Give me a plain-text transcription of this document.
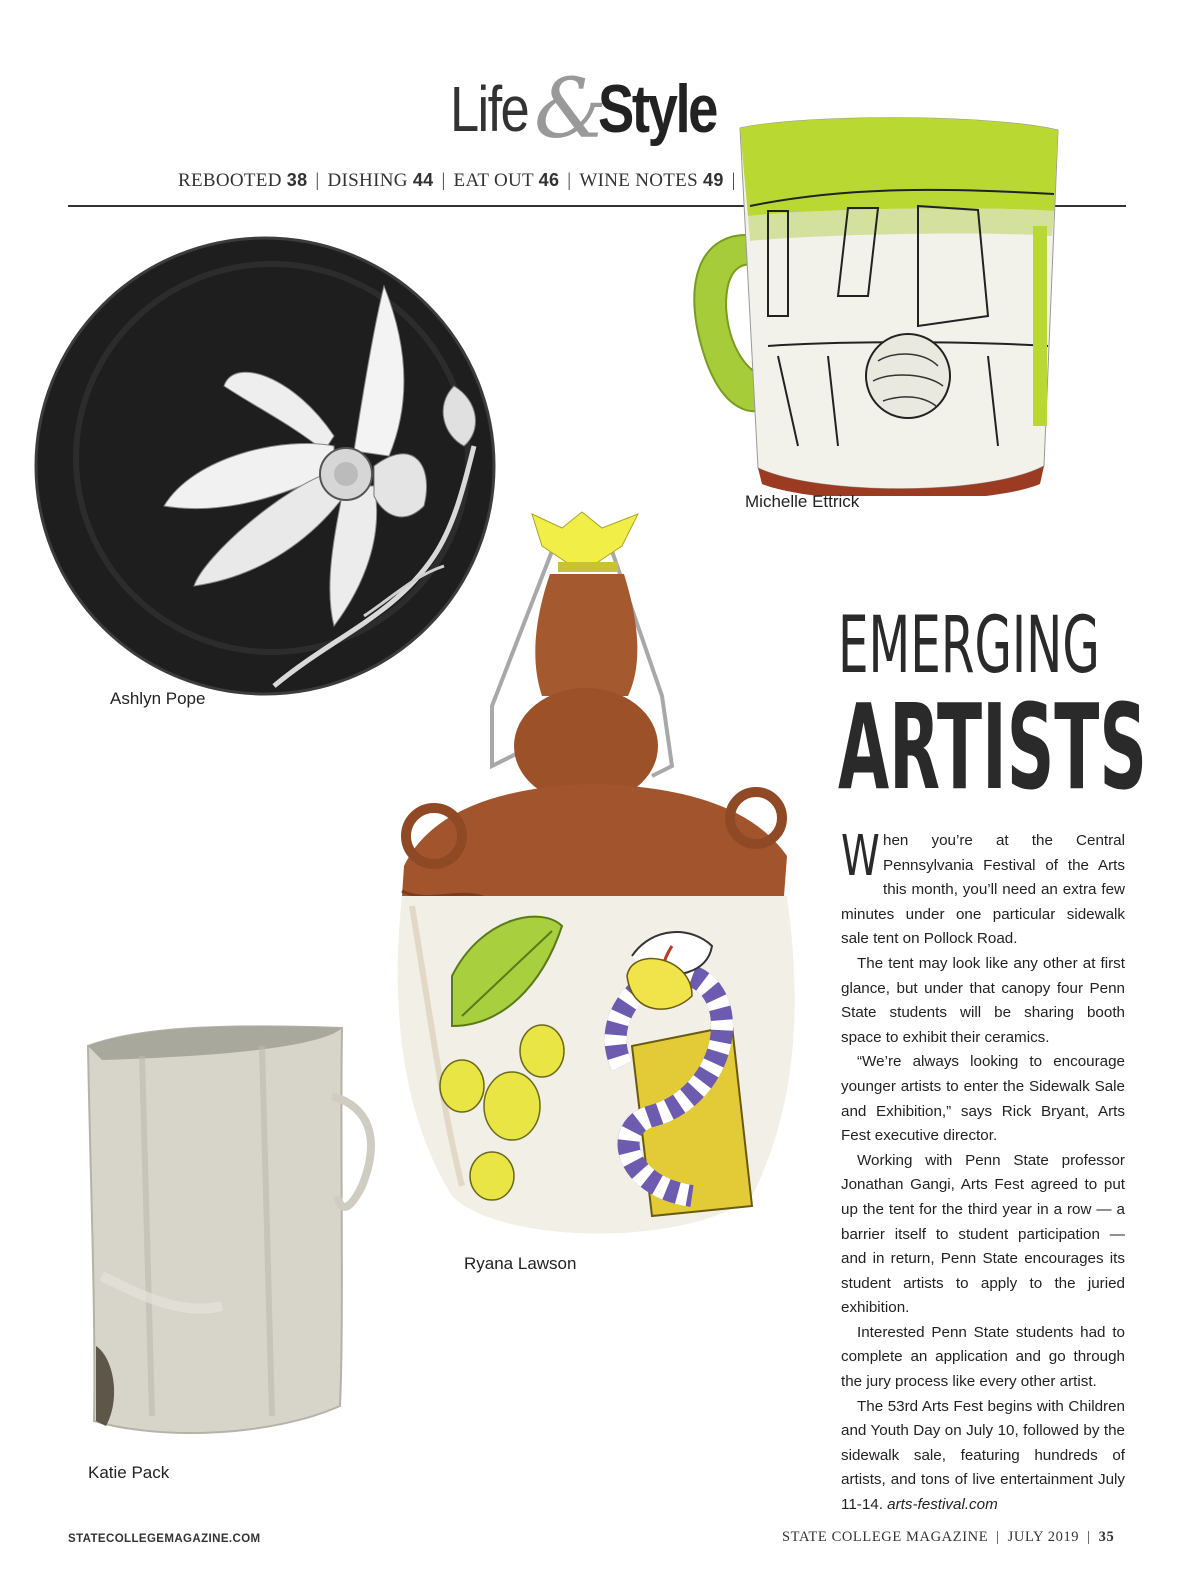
Life &
Style
REBOOTED 38 | DISHING 44 | EAT OUT 46 | WINE NOTES 49 |
Ashlyn Pope
Michelle Ettrick
Ryana Lawson
Katie Pack
EMERGING
ARTISTS

When you’re at the Central Pennsylvania Festival of the Arts this month, you’ll need an extra few minutes under one particular sidewalk sale tent on Pollock Road.

The tent may look like any other at first glance, but under that canopy four Penn State students will be sharing booth space to exhibit their ceramics.

“We’re always looking to encourage younger artists to enter the Sidewalk Sale and Exhibition,” says Rick Bryant, Arts Fest executive director.

Working with Penn State professor Jonathan Gangi, Arts Fest agreed to put up the tent for the third year in a row — a barrier itself to student participation — and in return, Penn State encourages its student artists to apply to the juried exhibition.

Interested Penn State students had to complete an application and go through the jury process like every other artist.

The 53rd Arts Fest begins with Children and Youth Day on July 10, followed by the sidewalk sale, featuring hundreds of artists, and tons of live entertainment July 11-14. arts-festival.com

STATECOLLEGEMAGAZINE.COM	STATE COLLEGE MAGAZINE | JULY 2019 | 35
